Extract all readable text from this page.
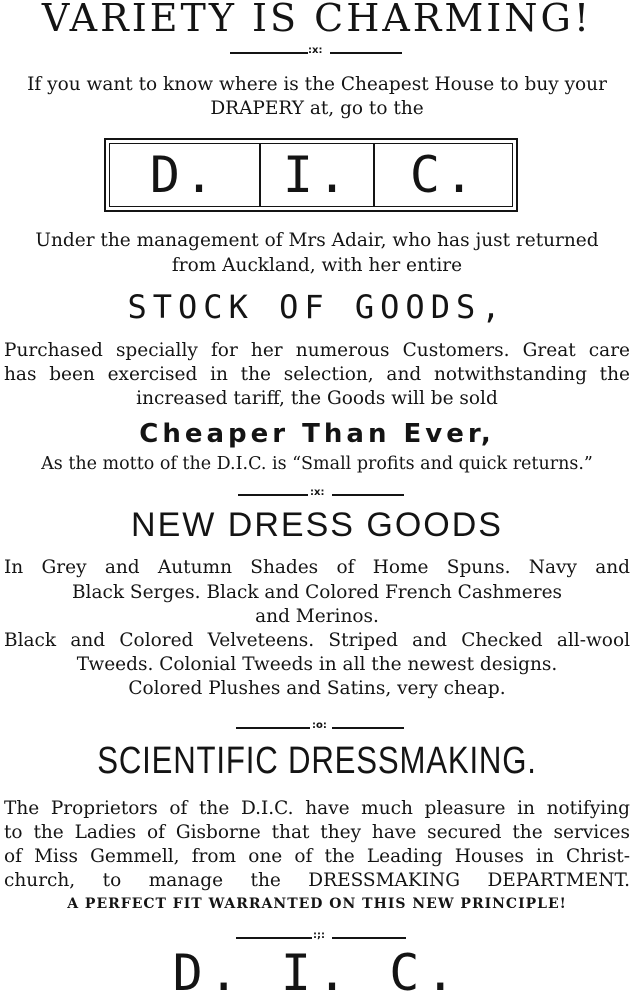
VARIETY IS CHARMING!
:x:
If you want to know where is the Cheapest House to buy your
DRAPERY at, go to the
D.	I.	C.
Under the management of Mrs Adair, who has just returned
from Auckland, with her entire
STOCK OF GOODS,
Purchased specially for her numerous Customers. Great care
has been exercised in the selection, and notwithstanding the
increased tariff, the Goods will be sold
Cheaper Than Ever,
As the motto of the D.I.C. is “Small profits and quick returns.”
:x:
NEW DRESS GOODS
In Grey and Autumn Shades of Home Spuns. Navy and
Black Serges. Black and Colored French Cashmeres
and Merinos.
Black and Colored Velveteens. Striped and Checked all-wool
Tweeds. Colonial Tweeds in all the newest designs.
Colored Plushes and Satins, very cheap.
:o:
SCIENTIFIC DRESSMAKING.
The Proprietors of the D.I.C. have much pleasure in notifying
to the Ladies of Gisborne that they have secured the services
of Miss Gemmell, from one of the Leading Houses in Christ-
church, to manage the DRESSMAKING DEPARTMENT.
A PERFECT FIT WARRANTED ON THIS NEW PRINCIPLE!
:;:
D. I. C.
